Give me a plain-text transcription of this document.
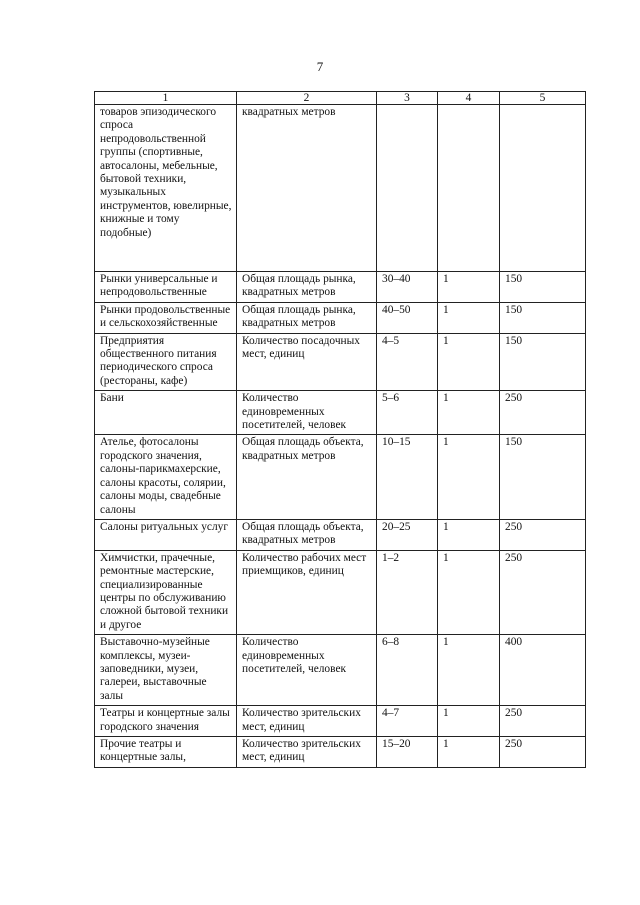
7
1	2	3	4	5
товаров эпизодического спроса непродовольственной группы (спортивные, автосалоны, мебельные, бытовой техники, музыкальных инструментов, ювелирные, книжные и тому подобные)	квадратных метров			
Рынки универсальные и непродовольственные	Общая площадь рынка, квадратных метров	30–40	1	150
Рынки продовольственные и сельскохозяйственные	Общая площадь рынка, квадратных метров	40–50	1	150
Предприятия общественного питания периодического спроса (рестораны, кафе)	Количество посадочных мест, единиц	4–5	1	150
Бани	Количество единовременных посетителей, человек	5–6	1	250
Ателье, фотосалоны городского значения, салоны-парикмахерские, салоны красоты, солярии, салоны моды, свадебные салоны	Общая площадь объекта, квадратных метров	10–15	1	150
Салоны ритуальных услуг	Общая площадь объекта, квадратных метров	20–25	1	250
Химчистки, прачечные, ремонтные мастерские, специализированные центры по обслуживанию сложной бытовой техники и другое	Количество рабочих мест приемщиков, единиц	1–2	1	250
Выставочно-музейные комплексы, музеи-заповедники, музеи, галереи, выставочные залы	Количество единовременных посетителей, человек	6–8	1	400
Театры и концертные залы городского значения	Количество зрительских мест, единиц	4–7	1	250
Прочие театры и концертные залы,	Количество зрительских мест, единиц	15–20	1	250
